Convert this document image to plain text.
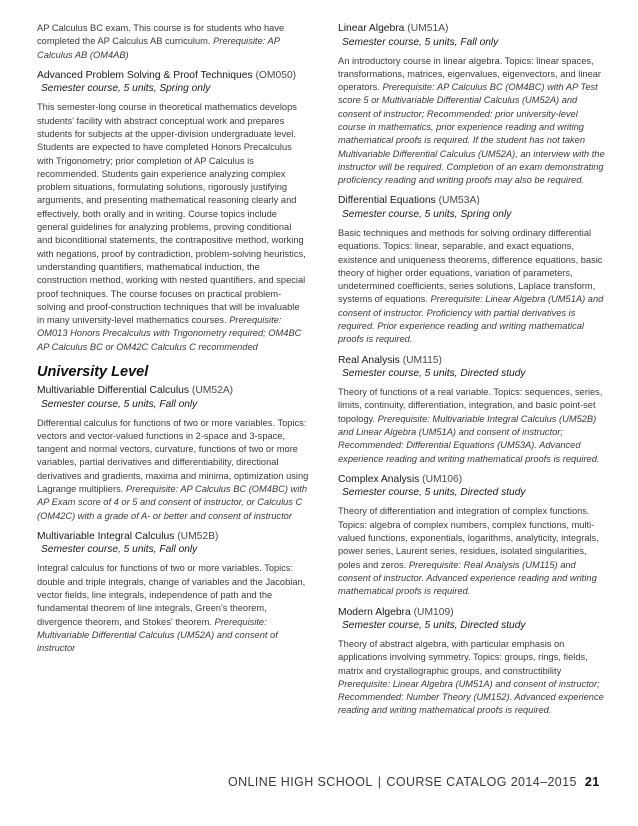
AP Calculus BC exam. This course is for students who have completed the AP Calculus AB curriculum. Prerequisite: AP Calculus AB (OM4AB)

Advanced Problem Solving & Proof Techniques (OM050)
Semester course, 5 units, Spring only

This semester-long course in theoretical mathematics develops students' facility with abstract conceptual work and prepares students for subjects at the upper-division undergraduate level. Students are expected to have completed Honors Precalculus with Trigonometry; prior completion of AP Calculus is recommended. Students gain experience analyzing complex problem situations, formulating solutions, rigorously justifying arguments, and presenting mathematical reasoning clearly and effectively, both orally and in writing. Course topics include general guidelines for analyzing problems, proving conditional and biconditional statements, the contrapositive method, working with negations, proof by contradiction, problem-solving heuristics, understanding quantifiers, mathematical induction, the construction method, working with nested quantifiers, and special proof techniques. The course focuses on practical problem-solving and proof-construction techniques that will be invaluable in many university-level mathematics courses. Prerequisite: OM013 Honors Precalculus with Trigonometry required; OM4BC AP Calculus BC or OM42C Calculus C recommended

University Level
Multivariable Differential Calculus (UM52A)
Semester course, 5 units, Fall only

Differential calculus for functions of two or more variables. Topics: vectors and vector-valued functions in 2-space and 3-space, tangent and normal vectors, curvature, functions of two or more variables, partial derivatives and differentiability, directional derivatives and gradients, maxima and minima, optimization using Lagrange multipliers. Prerequisite: AP Calculus BC (OM4BC) with AP Exam score of 4 or 5 and consent of instructor, or Calculus C (OM42C) with a grade of A- or better and consent of instructor

Multivariable Integral Calculus (UM52B)
Semester course, 5 units, Fall only

Integral calculus for functions of two or more variables. Topics: double and triple integrals, change of variables and the Jacobian, vector fields, line integrals, independence of path and the fundamental theorem of line integrals, Green's theorem, divergence theorem, and Stokes' theorem. Prerequisite: Multivariable Differential Calculus (UM52A) and consent of instructor

Linear Algebra (UM51A)
Semester course, 5 units, Fall only

An introductory course in linear algebra. Topics: linear spaces, transformations, matrices, eigenvalues, eigenvectors, and linear operators. Prerequisite: AP Calculus BC (OM4BC) with AP Test score 5 or Multivariable Differential Calculus (UM52A) and consent of instructor; Recommended: prior university-level course in mathematics, prior experience reading and writing mathematical proofs is required. If the student has not taken Multivariable Differential Calculus (UM52A), an interview with the instructor will be required. Completion of an exam demonstrating proficiency reading and writing proofs may also be required.

Differential Equations (UM53A)
Semester course, 5 units, Spring only

Basic techniques and methods for solving ordinary differential equations. Topics: linear, separable, and exact equations, existence and uniqueness theorems, difference equations, basic theory of higher order equations, variation of parameters, undetermined coefficients, series solutions, Laplace transform, systems of equations. Prerequisite: Linear Algebra (UM51A) and consent of instructor. Proficiency with partial derivatives is required. Prior experience reading and writing mathematical proofs is required.

Real Analysis (UM115)
Semester course, 5 units, Directed study

Theory of functions of a real variable. Topics: sequences, series, limits, continuity, differentiation, integration, and basic point-set topology. Prerequisite: Multivariable Integral Calculus (UM52B) and Linear Algebra (UM51A) and consent of instructor; Recommended: Differential Equations (UM53A). Advanced experience reading and writing mathematical proofs is required.

Complex Analysis (UM106)
Semester course, 5 units, Directed study

Theory of differentiation and integration of complex functions. Topics: algebra of complex numbers, complex functions, multi-valued functions, exponentials, logarithms, analyticity, integrals, power series, Laurent series, residues, isolated singularities, poles and zeros. Prerequisite: Real Analysis (UM115) and consent of instructor. Advanced experience reading and writing mathematical proofs is required.

Modern Algebra (UM109)
Semester course, 5 units, Directed study

Theory of abstract algebra, with particular emphasis on applications involving symmetry. Topics: groups, rings, fields, matrix and crystallographic groups, and constructibility
Prerequisite: Linear Algebra (UM51A) and consent of instructor; Recommended: Number Theory (UM152). Advanced experience reading and writing mathematical proofs is required.

ONLINE HIGH SCHOOL | COURSE CATALOG 2014–2015 21
